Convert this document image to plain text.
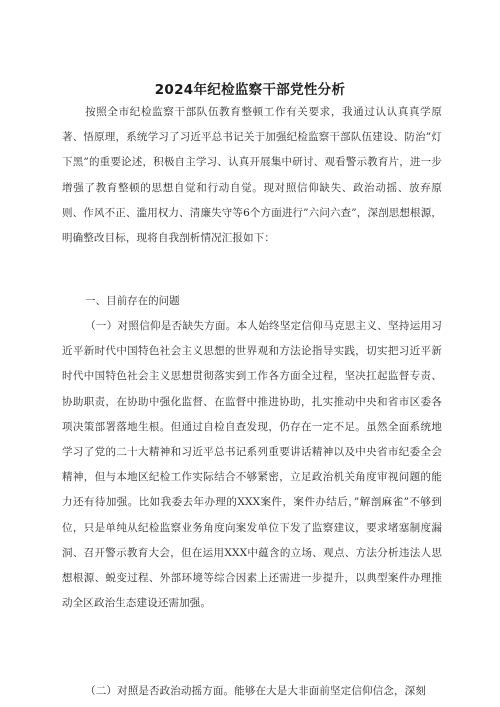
2024年纪检监察干部党性分析

按照全市纪检监察干部队伍教育整顿工作有关要求，我通过认认真真学原著、悟原理，系统学习了习近平总书记关于加强纪检监察干部队伍建设、防治”灯下黑”的重要论述，积极自主学习、认真开展集中研讨、观看警示教育片，进一步增强了教育整顿的思想自觉和行动自觉。现对照信仰缺失、政治动摇、放弃原则、作风不正、滥用权力、清廉失守等6个方面进行”六问六查”，深剖思想根源，明确整改目标，现将自我剖析情况汇报如下：

一、目前存在的问题

（一）对照信仰是否缺失方面。本人始终坚定信仰马克思主义、坚持运用习近平新时代中国特色社会主义思想的世界观和方法论指导实践，切实把习近平新时代中国特色社会主义思想贯彻落实到工作各方面全过程，坚决扛起监督专责、协助职责，在协助中强化监督、在监督中推进协助，扎实推动中央和省市区委各项决策部署落地生根。但通过自检自查发现，仍存在一定不足。虽然全面系统地学习了党的二十大精神和习近平总书记系列重要讲话精神以及中央省市纪委全会精神，但与本地区纪检工作实际结合不够紧密，立足政治机关角度审视问题的能力还有待加强。比如我委去年办理的XXX案件，案件办结后，”解剖麻雀”不够到位，只是单纯从纪检监察业务角度向案发单位下发了监察建议，要求堵塞制度漏洞、召开警示教育大会，但在运用XXX中蕴含的立场、观点、方法分析违法人思想根源、蜕变过程、外部环境等综合因素上还需进一步提升，以典型案件办理推动全区政治生态建设还需加强。

（二）对照是否政治动摇方面。能够在大是大非面前坚定信仰信念，深刻
